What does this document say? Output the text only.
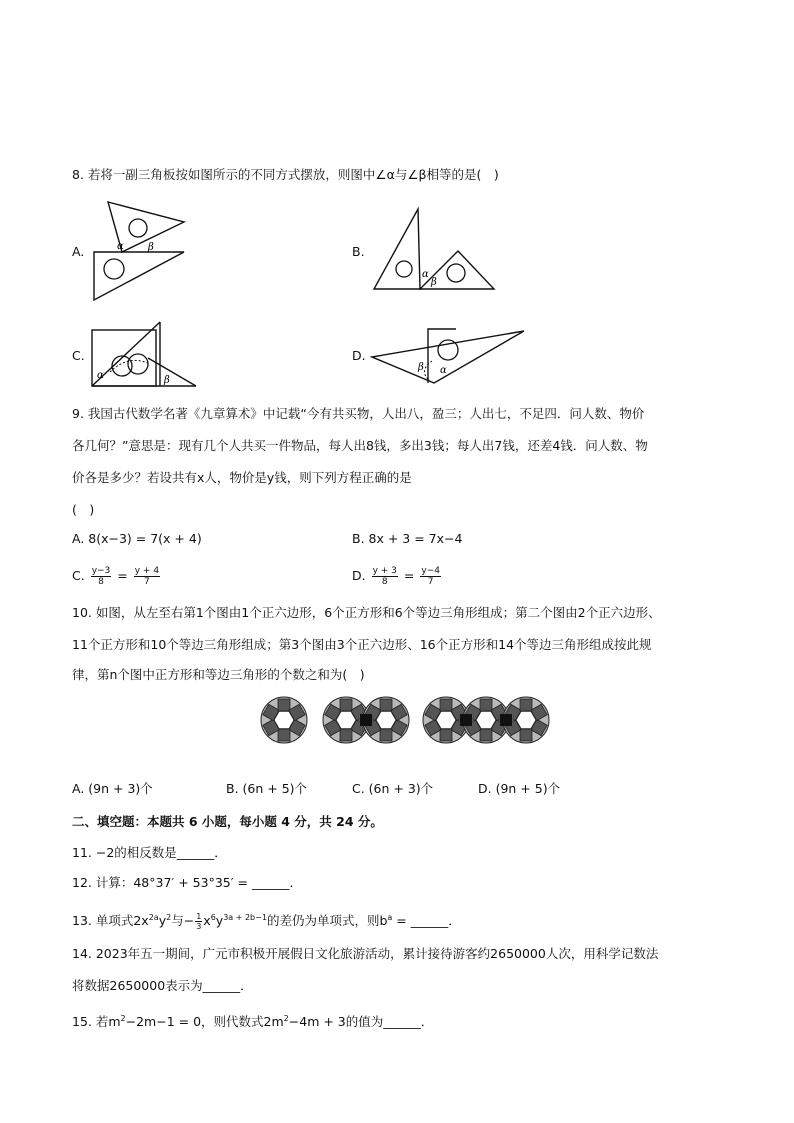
8. 若将一副三角板按如图所示的不同方式摆放，则图中∠α与∠β相等的是(　)
A.	α β	B.
α
β
C.
α	β
D.
β α
9. 我国古代数学名著《九章算术》中记载“今有共买物，人出八，盈三；人出七，不足四．问人数、物价
各几何？”意思是：现有几个人共买一件物品，每人出8钱，多出3钱；每人出7钱，还差4钱．问人数、物
价各是多少？若设共有x人，物价是y钱，则下列方程正确的是
(　)
A. 8(x−3) = 7(x + 4)	B. 8x + 3 = 7x−4
C. $\frac{y-3}{8} = \frac{y + 4}{7}$	D. $\frac{y + 3}{8} = \frac{y-4}{7}$
10. 如图，从左至右第1个图由1个正六边形，6个正方形和6个等边三角形组成；第二个图由2个正六边形、
11个正方形和10个等边三角形组成；第3个图由3个正六边形、16个正方形和14个等边三角形组成按此规
律，第n个图中正方形和等边三角形的个数之和为(　)
A. (9n + 3)个	B. (6n + 5)个	C. (6n + 3)个	D. (9n + 5)个
二、填空题：本题共 6 小题，每小题 4 分，共 24 分。
11. −2的相反数是______．
12. 计算：48°37′ + 53°35′ = ______．
13. 单项式$2x^{2a}y^2$与− $\frac{1}{3} x^6y^{3a + 2b-1}$的差仍为单项式，则$b^a$ = ______．
14. 2023年五一期间，广元市积极开展假日文化旅游活动，累计接待游客约2650000人次，用科学记数法
将数据2650000表示为______．
15. 若$m^2-2m-1 = 0$，则代数式$2m^2-4m + 3$的值为______．
